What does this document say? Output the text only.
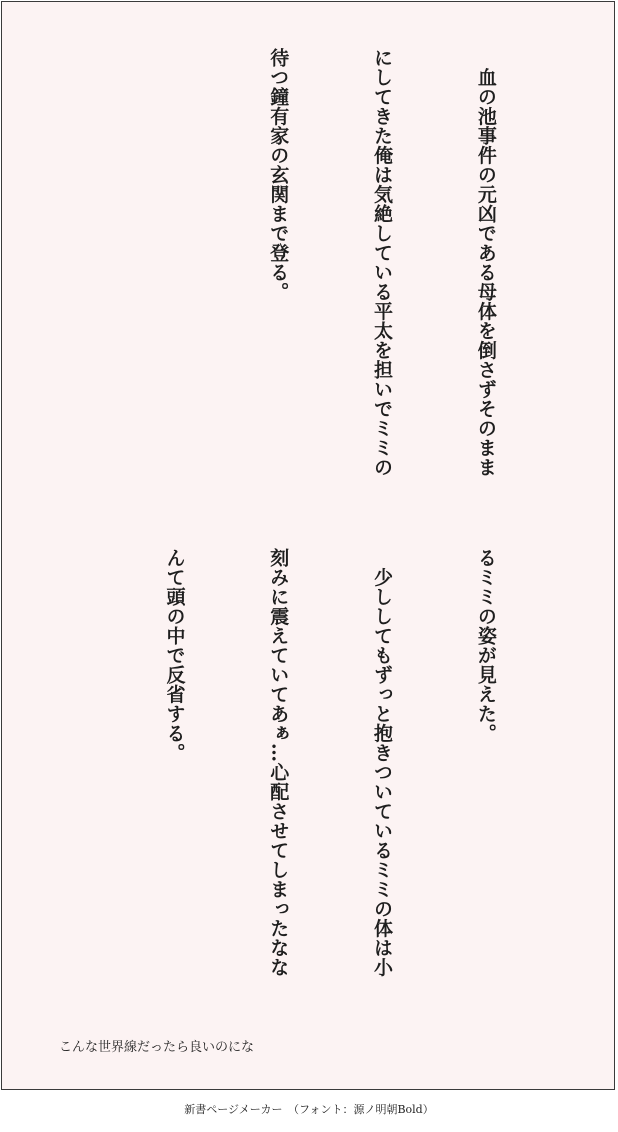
　血の池事件の元凶である母体を倒さずそのまま

にしてきた俺は気絶している平太を担いでミミの

待つ鐘有家の玄関まで登る。

るミミの姿が見えた。

　少ししてもずっと抱きついているミミの体は小

刻みに震えていてあぁ…心配させてしまったなな

んて頭の中で反省する。

こんな世界線だったら良いのにな
新書ページメーカー　（フォント：源ノ明朝Bold）
